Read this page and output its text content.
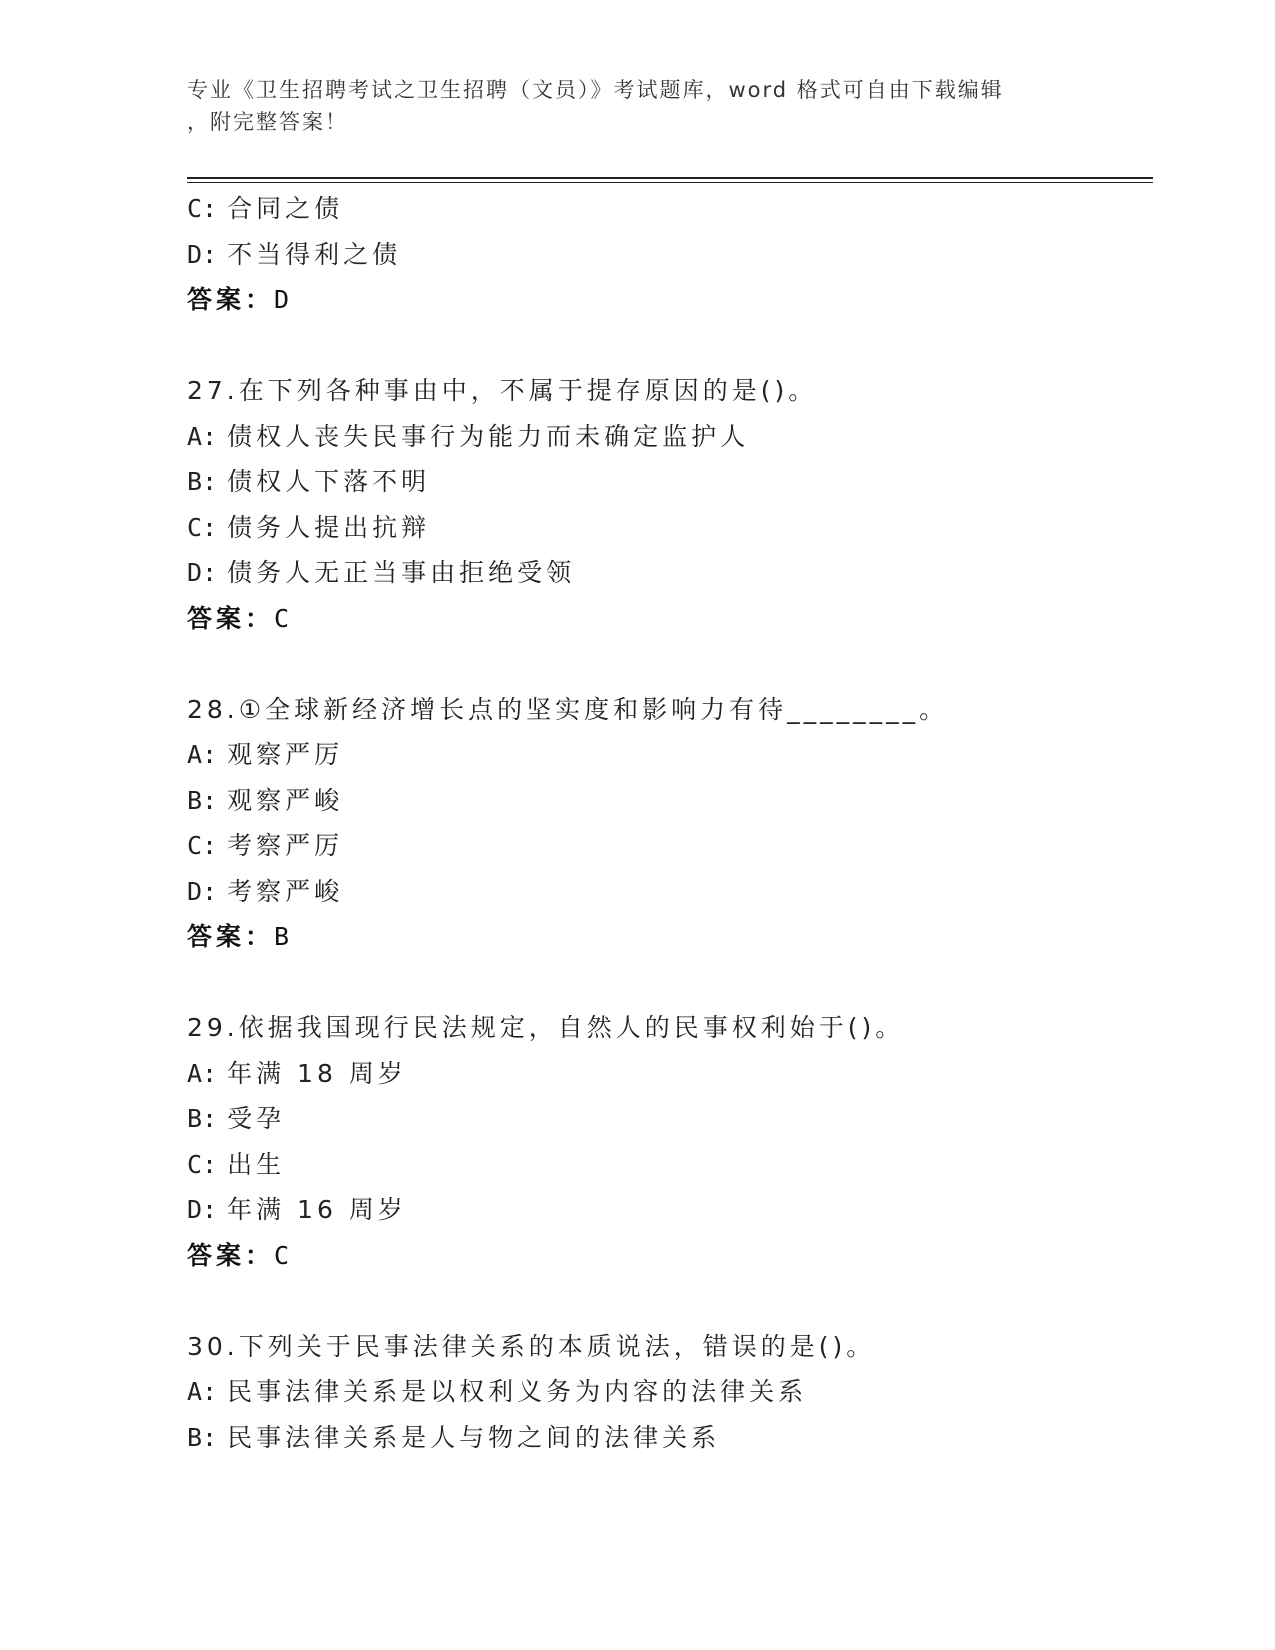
专业《卫生招聘考试之卫生招聘（文员）》考试题库，word 格式可自由下载编辑
，附完整答案！
C: 合同之债
D: 不当得利之债
答案：D
27.在下列各种事由中，不属于提存原因的是()。
A: 债权人丧失民事行为能力而未确定监护人
B: 债权人下落不明
C: 债务人提出抗辩
D: 债务人无正当事由拒绝受领
答案：C
28.①全球新经济增长点的坚实度和影响力有待________。
A: 观察严厉
B: 观察严峻
C: 考察严厉
D: 考察严峻
答案：B
29.依据我国现行民法规定，自然人的民事权利始于()。
A: 年满 18 周岁
B: 受孕
C: 出生
D: 年满 16 周岁
答案：C
30.下列关于民事法律关系的本质说法，错误的是()。
A: 民事法律关系是以权利义务为内容的法律关系
B: 民事法律关系是人与物之间的法律关系
